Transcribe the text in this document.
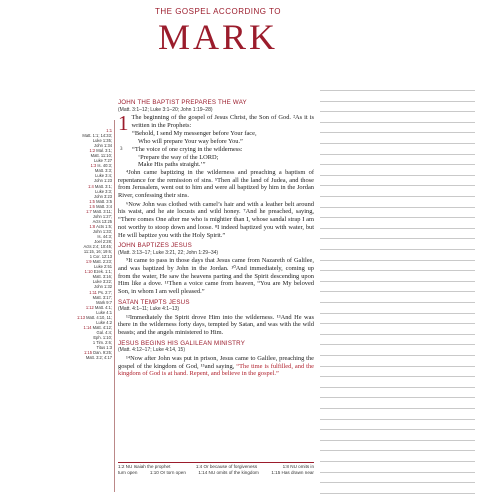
THE GOSPEL ACCORDING TO
MARK
1:1
Matt. 1:1; 14:33;
Luke 1:35;
John 1:34
1:2 Mal. 3:1;
Matt. 11:10;
Luke 7:27
1:3 Is. 40:3;
Matt. 3:3;
Luke 3:4;
John 1:23
1:4 Matt. 3:1;
Luke 3:3;
John 3:23
1:5 Matt. 3:5
1:6 Matt. 3:4
1:7 Matt. 3:11;
John 1:27;
Acts 13:25
1:8 Acts 1:5;
John 1:33;
Is. 44:3;
Joel 2:28;
Acts 2:4; 10:45;
11:15, 16; 19:6;
1 Cor. 12:13
1:9 Matt. 2:23;
Luke 2:51
1:10 Ezek. 1:1;
Matt. 3:16;
Luke 3:22;
John 1:32
1:11 Ps. 2:7;
Matt. 3:17;
Mark 9:7
1:12 Matt. 4:1;
Luke 4:1
1:13 Matt. 4:10, 11;
Luke 4:2
1:14 Matt. 4:12;
Gal. 4:4;
Eph. 1:10;
1 Tim. 2:6;
Titus 1:3
1:15 Dan. 9:25;
Matt. 3:2; 4:17
JOHN THE BAPTIST PREPARES THE WAY
(Matt. 3:1–12; Luke 3:1–20; John 1:19–28)
1 The beginning of the gospel of Jesus Christ, the Son of God. ²As it is written in the Prophets:
“Behold, I send My messenger before Your face,
Who will prepare Your way before You.”
3 “The voice of one crying in the wilderness:
‘Prepare the way of the LORD;
Make His paths straight.’”
⁴John came baptizing in the wilderness and preaching a baptism of repentance for the remission of sins. ⁵Then all the land of Judea, and those from Jerusalem, went out to him and were all baptized by him in the Jordan River, confessing their sins.
⁶Now John was clothed with camel’s hair and with a leather belt around his waist, and he ate locusts and wild honey. ⁷And he preached, saying, “There comes One after me who is mightier than I, whose sandal strap I am not worthy to stoop down and loose. ⁸I indeed baptized you with water, but He will baptize you with the Holy Spirit.”
JOHN BAPTIZES JESUS
(Matt. 3:13–17; Luke 3:21, 22; John 1:29–34)
⁹It came to pass in those days that Jesus came from Nazareth of Galilee, and was baptized by John in the Jordan. ¹⁰And immediately, coming up from the water, He saw the heavens parting and the Spirit descending upon Him like a dove. ¹¹Then a voice came from heaven, “You are My beloved Son, in whom I am well pleased.”
SATAN TEMPTS JESUS
(Matt. 4:1–11; Luke 4:1–13)
¹²Immediately the Spirit drove Him into the wilderness. ¹³And He was there in the wilderness forty days, tempted by Satan, and was with the wild beasts; and the angels ministered to Him.
JESUS BEGINS HIS GALILEAN MINISTRY
(Matt. 4:12–17; Luke 4:14, 15)
¹⁴Now after John was put in prison, Jesus came to Galilee, preaching the gospel of the kingdom of God, ¹⁵and saying, “The time is fulfilled, and the kingdom of God is at hand. Repent, and believe in the gospel.”
1:2 NU Isaiah the prophet	1:4 Or because of forgiveness	1:8 NU omits in
turn open	1:10 Or torn open	1:14 NU omits of the kingdom	1:15 Has drawn near
